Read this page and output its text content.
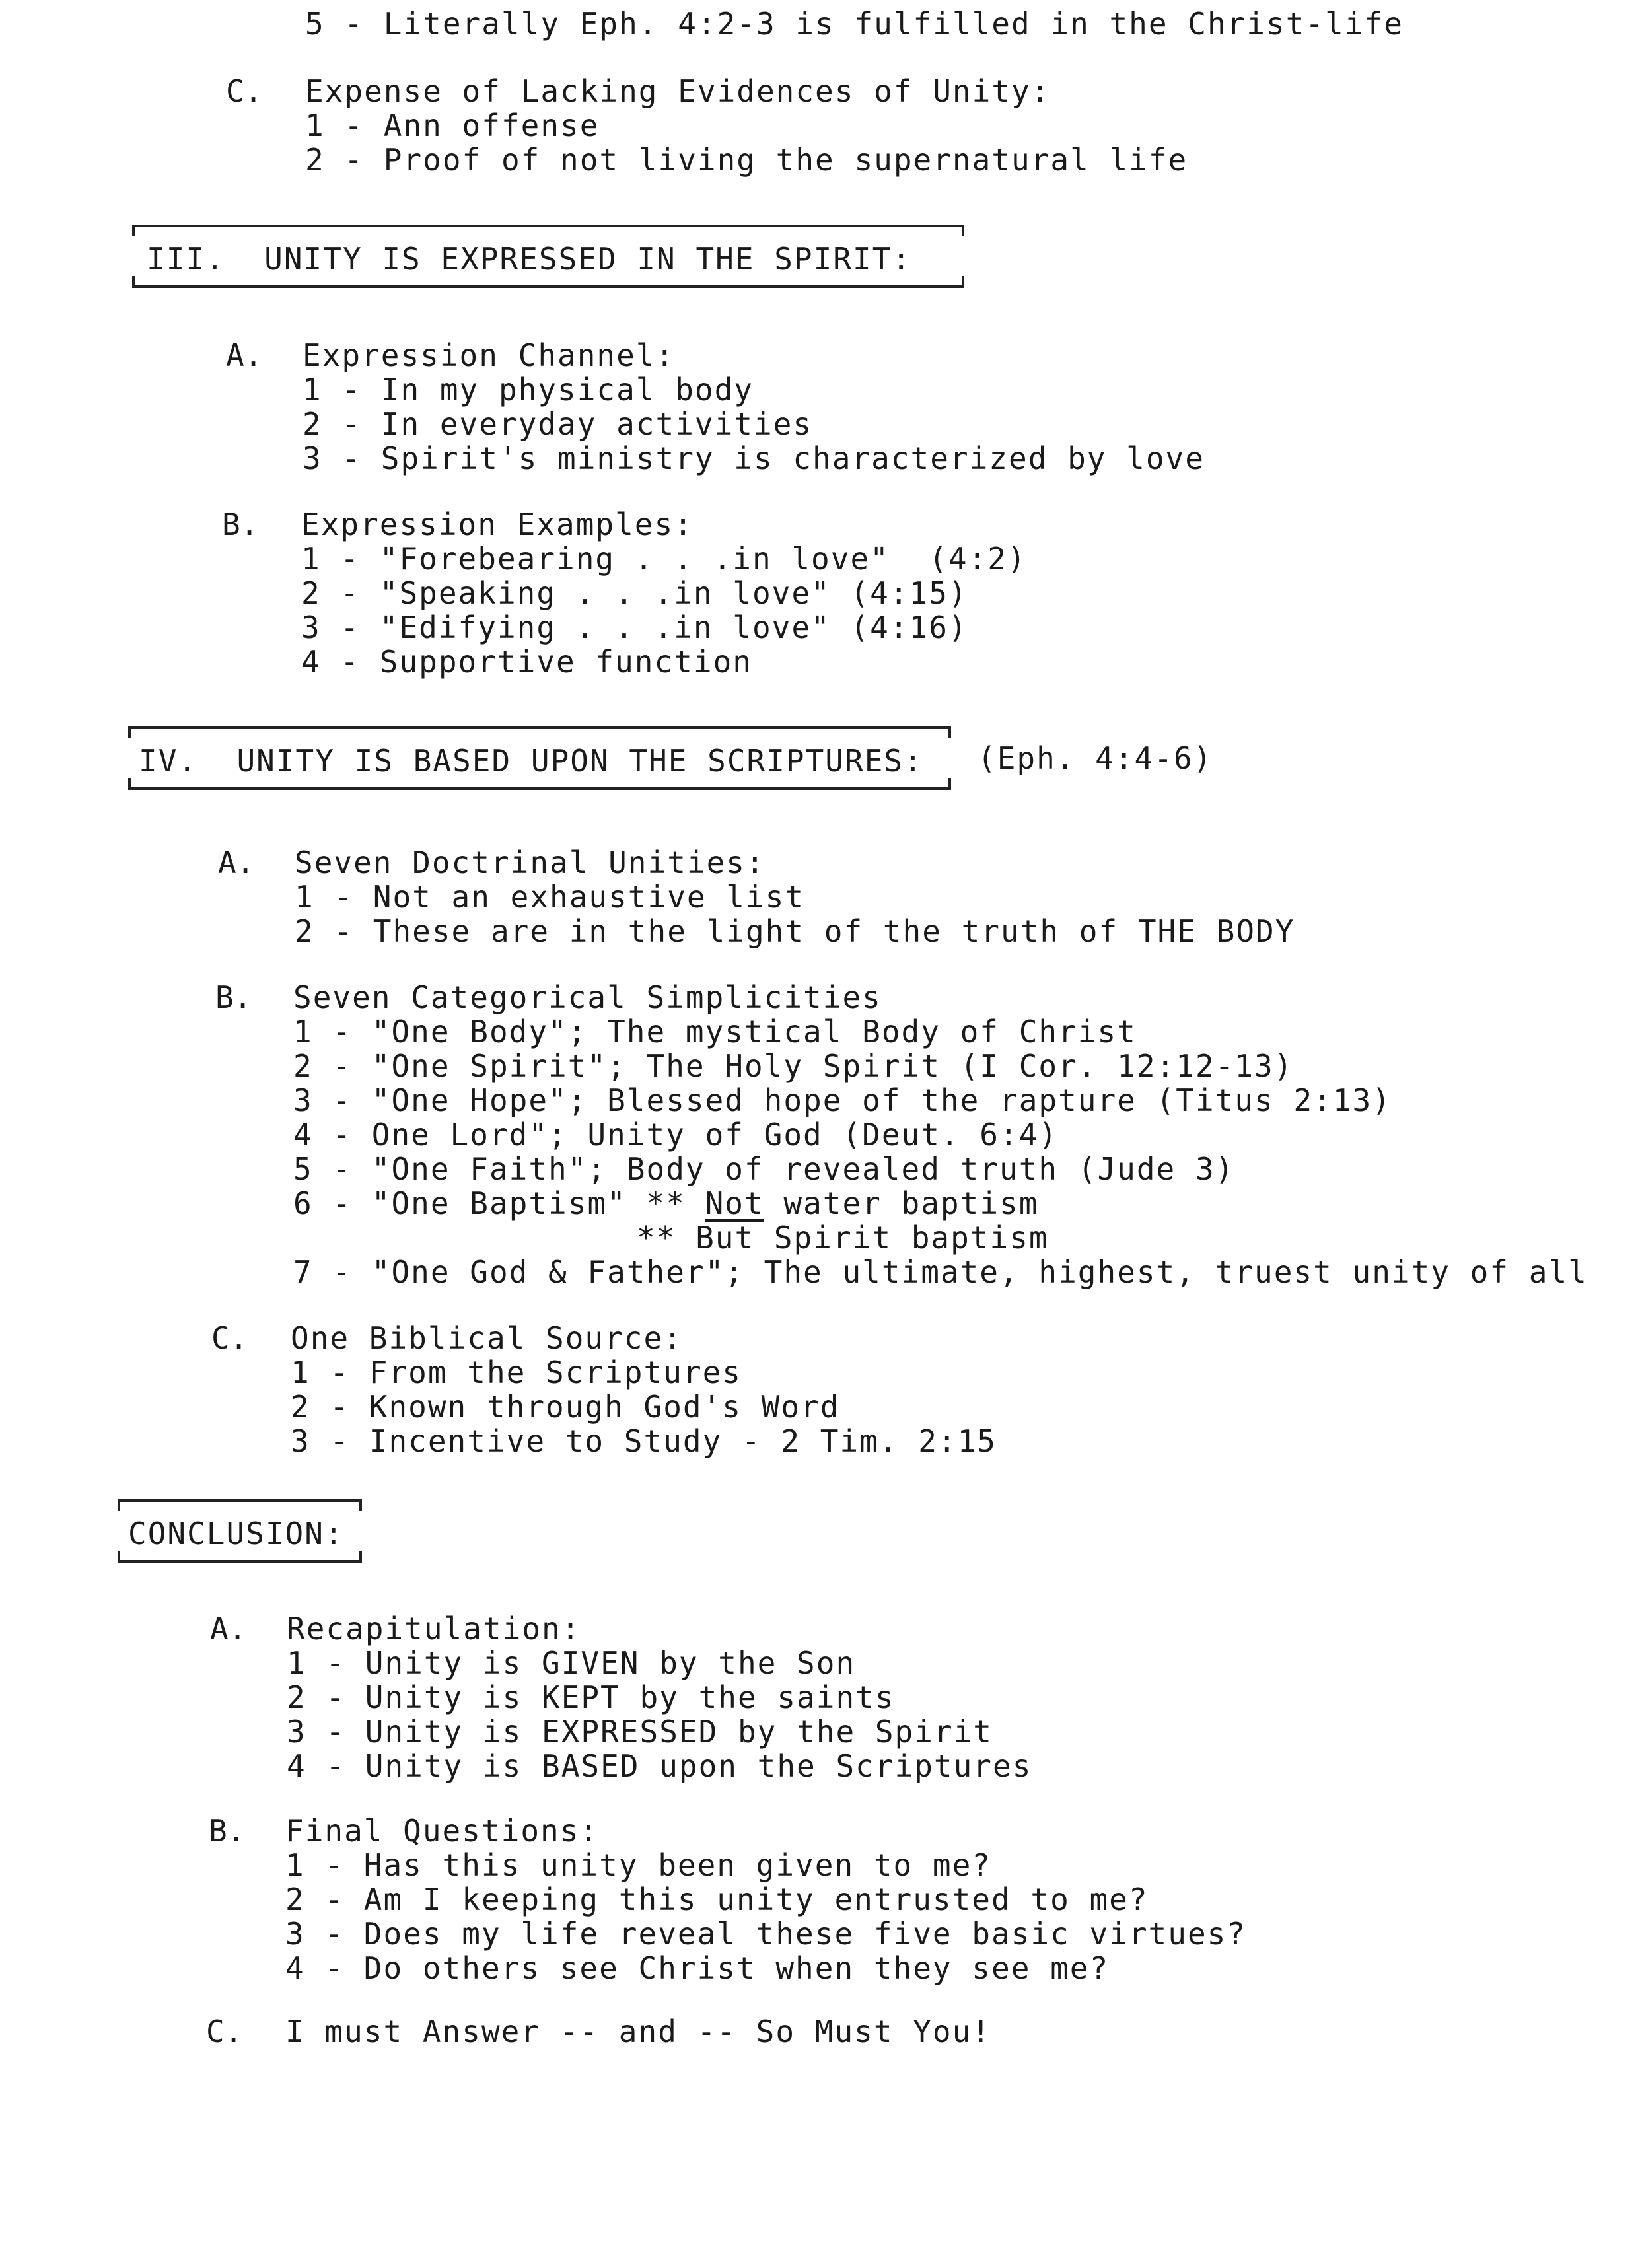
5 - Literally Eph. 4:2-3 is fulfilled in the Christ-life
C. Expense of Lacking Evidences of Unity:
1 - Ann offense
2 - Proof of not living the supernatural life
III.  UNITY IS EXPRESSED IN THE SPIRIT:
A. Expression Channel:
1 - In my physical body
2 - In everyday activities
3 - Spirit's ministry is characterized by love
B. Expression Examples:
1 - "Forebearing . . .in love"  (4:2)
2 - "Speaking . . .in love" (4:15)
3 - "Edifying . . .in love" (4:16)
4 - Supportive function
IV.  UNITY IS BASED UPON THE SCRIPTURES: (Eph. 4:4-6)
A. Seven Doctrinal Unities:
1 - Not an exhaustive list
2 - These are in the light of the truth of THE BODY
B. Seven Categorical Simplicities
1 - "One Body"; The mystical Body of Christ
2 - "One Spirit"; The Holy Spirit (I Cor. 12:12-13)
3 - "One Hope"; Blessed hope of the rapture (Titus 2:13)
4 - One Lord"; Unity of God (Deut. 6:4)
5 - "One Faith"; Body of revealed truth (Jude 3)
6 - "One Baptism" ** Not water baptism
** But Spirit baptism
7 - "One God & Father"; The ultimate, highest, truest unity of all
C. One Biblical Source:
1 - From the Scriptures
2 - Known through God's Word
3 - Incentive to Study - 2 Tim. 2:15
CONCLUSION:
A. Recapitulation:
1 - Unity is GIVEN by the Son
2 - Unity is KEPT by the saints
3 - Unity is EXPRESSED by the Spirit
4 - Unity is BASED upon the Scriptures
B. Final Questions:
1 - Has this unity been given to me?
2 - Am I keeping this unity entrusted to me?
3 - Does my life reveal these five basic virtues?
4 - Do others see Christ when they see me?
C. I must Answer -- and -- So Must You!
